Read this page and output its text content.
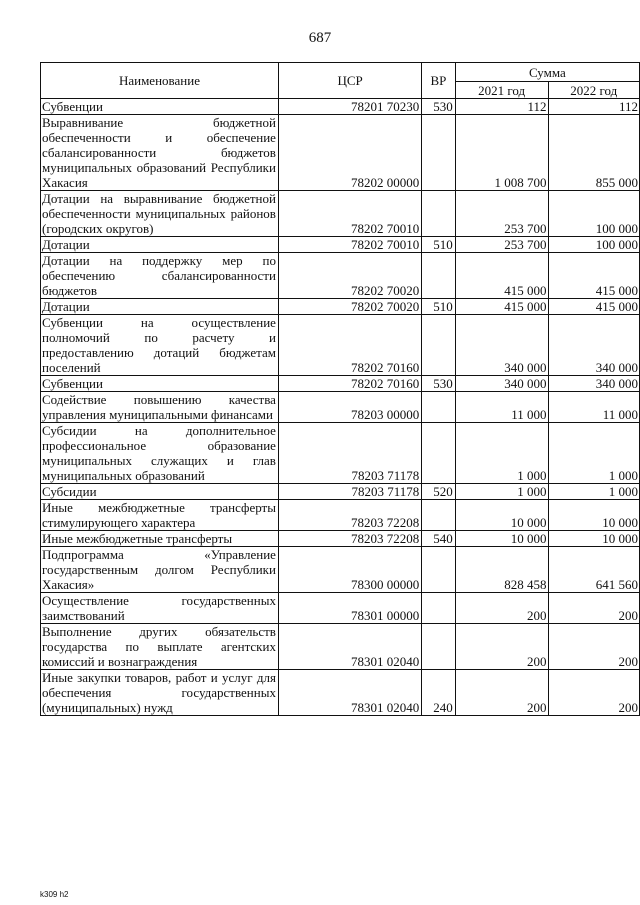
687
Наименование	ЦСР	ВР	Сумма	
			2021 год	2022 год
Субвенции	78201 70230	530	112	112
Выравнивание бюджетной обеспеченности и обеспечение сбалансированности бюджетов муниципальных образований Республики Хакасия	78202 00000		1 008 700	855 000
Дотации на выравнивание бюджетной обеспеченности муниципальных районов (городских округов)	78202 70010		253 700	100 000
Дотации	78202 70010	510	253 700	100 000
Дотации на поддержку мер по обеспечению сбалансированности бюджетов	78202 70020		415 000	415 000
Дотации	78202 70020	510	415 000	415 000
Субвенции на осуществление полномочий по расчету и предоставлению дотаций бюджетам поселений	78202 70160		340 000	340 000
Субвенции	78202 70160	530	340 000	340 000
Содействие повышению качества управления муниципальными финансами	78203 00000		11 000	11 000
Субсидии на дополнительное профессиональное образование муниципальных служащих и глав муниципальных образований	78203 71178		1 000	1 000
Субсидии	78203 71178	520	1 000	1 000
Иные межбюджетные трансферты стимулирующего характера	78203 72208		10 000	10 000
Иные межбюджетные трансферты	78203 72208	540	10 000	10 000
Подпрограмма «Управление государственным долгом Республики Хакасия»	78300 00000		828 458	641 560
Осуществление государственных заимствований	78301 00000		200	200
Выполнение других обязательств государства по выплате агентских комиссий и вознаграждения	78301 02040		200	200
Иные закупки товаров, работ и услуг для обеспечения государственных (муниципальных) нужд	78301 02040	240	200	200
k309 h2
